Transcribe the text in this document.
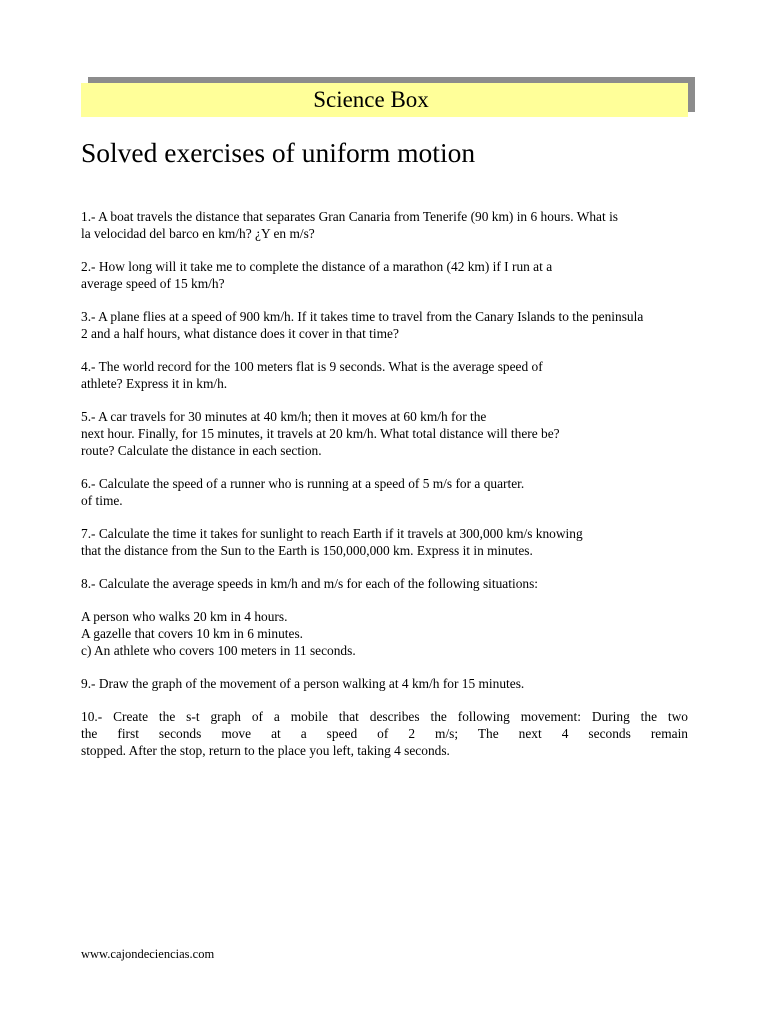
Science Box
Solved exercises of uniform motion
1.- A boat travels the distance that separates Gran Canaria from Tenerife (90 km) in 6 hours. What is
la velocidad del barco en km/h? ¿Y en m/s?
2.- How long will it take me to complete the distance of a marathon (42 km) if I run at a
average speed of 15 km/h?
3.- A plane flies at a speed of 900 km/h. If it takes time to travel from the Canary Islands to the peninsula
2 and a half hours, what distance does it cover in that time?
4.- The world record for the 100 meters flat is 9 seconds. What is the average speed of
athlete? Express it in km/h.
5.- A car travels for 30 minutes at 40 km/h; then it moves at 60 km/h for the
next hour. Finally, for 15 minutes, it travels at 20 km/h. What total distance will there be?
route? Calculate the distance in each section.
6.- Calculate the speed of a runner who is running at a speed of 5 m/s for a quarter.
of time.
7.- Calculate the time it takes for sunlight to reach Earth if it travels at 300,000 km/s knowing
that the distance from the Sun to the Earth is 150,000,000 km. Express it in minutes.
8.- Calculate the average speeds in km/h and m/s for each of the following situations:
A person who walks 20 km in 4 hours.
A gazelle that covers 10 km in 6 minutes.
c) An athlete who covers 100 meters in 11 seconds.
9.- Draw the graph of the movement of a person walking at 4 km/h for 15 minutes.
10.- Create the s-t graph of a mobile that describes the following movement: During the two
the first seconds move at a speed of 2 m/s; The next 4 seconds remain
stopped. After the stop, return to the place you left, taking 4 seconds.
www.cajondeciencias.com
